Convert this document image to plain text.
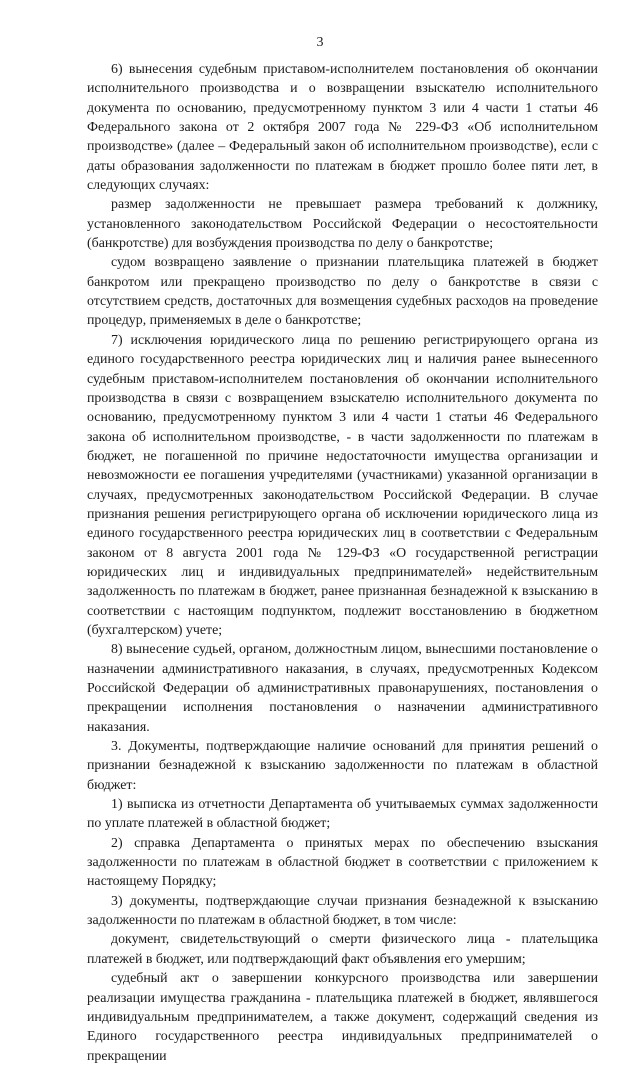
3

6) вынесения судебным приставом-исполнителем постановления об окончании исполнительного производства и о возвращении взыскателю исполнительного документа по основанию, предусмотренному пунктом 3 или 4 части 1 статьи 46 Федерального закона от 2 октября 2007 года № 229-ФЗ «Об исполнительном производстве» (далее – Федеральный закон об исполнительном производстве), если с даты образования задолженности по платежам в бюджет прошло более пяти лет, в следующих случаях:

размер задолженности не превышает размера требований к должнику, установленного законодательством Российской Федерации о несостоятельности (банкротстве) для возбуждения производства по делу о банкротстве;

судом возвращено заявление о признании плательщика платежей в бюджет банкротом или прекращено производство по делу о банкротстве в связи с отсутствием средств, достаточных для возмещения судебных расходов на проведение процедур, применяемых в деле о банкротстве;

7) исключения юридического лица по решению регистрирующего органа из единого государственного реестра юридических лиц и наличия ранее вынесенного судебным приставом-исполнителем постановления об окончании исполнительного производства в связи с возвращением взыскателю исполнительного документа по основанию, предусмотренному пунктом 3 или 4 части 1 статьи 46 Федерального закона об исполнительном производстве, - в части задолженности по платежам в бюджет, не погашенной по причине недостаточности имущества организации и невозможности ее погашения учредителями (участниками) указанной организации в случаях, предусмотренных законодательством Российской Федерации. В случае признания решения регистрирующего органа об исключении юридического лица из единого государственного реестра юридических лиц в соответствии с Федеральным законом от 8 августа 2001 года № 129-ФЗ «О государственной регистрации юридических лиц и индивидуальных предпринимателей» недействительным задолженность по платежам в бюджет, ранее признанная безнадежной к взысканию в соответствии с настоящим подпунктом, подлежит восстановлению в бюджетном (бухгалтерском) учете;

8) вынесение судьей, органом, должностным лицом, вынесшими постановление о назначении административного наказания, в случаях, предусмотренных Кодексом Российской Федерации об административных правонарушениях, постановления о прекращении исполнения постановления о назначении административного наказания.

3. Документы, подтверждающие наличие оснований для принятия решений о признании безнадежной к взысканию задолженности по платежам в областной бюджет:

1) выписка из отчетности Департамента об учитываемых суммах задолженности по уплате платежей в областной бюджет;

2) справка Департамента о принятых мерах по обеспечению взыскания задолженности по платежам в областной бюджет в соответствии с приложением к настоящему Порядку;

3) документы, подтверждающие случаи признания безнадежной к взысканию задолженности по платежам в областной бюджет, в том числе:

документ, свидетельствующий о смерти физического лица - плательщика платежей в бюджет, или подтверждающий факт объявления его умершим;

судебный акт о завершении конкурсного производства или завершении реализации имущества гражданина - плательщика платежей в бюджет, являвшегося индивидуальным предпринимателем, а также документ, содержащий сведения из Единого государственного реестра индивидуальных предпринимателей о прекращении
